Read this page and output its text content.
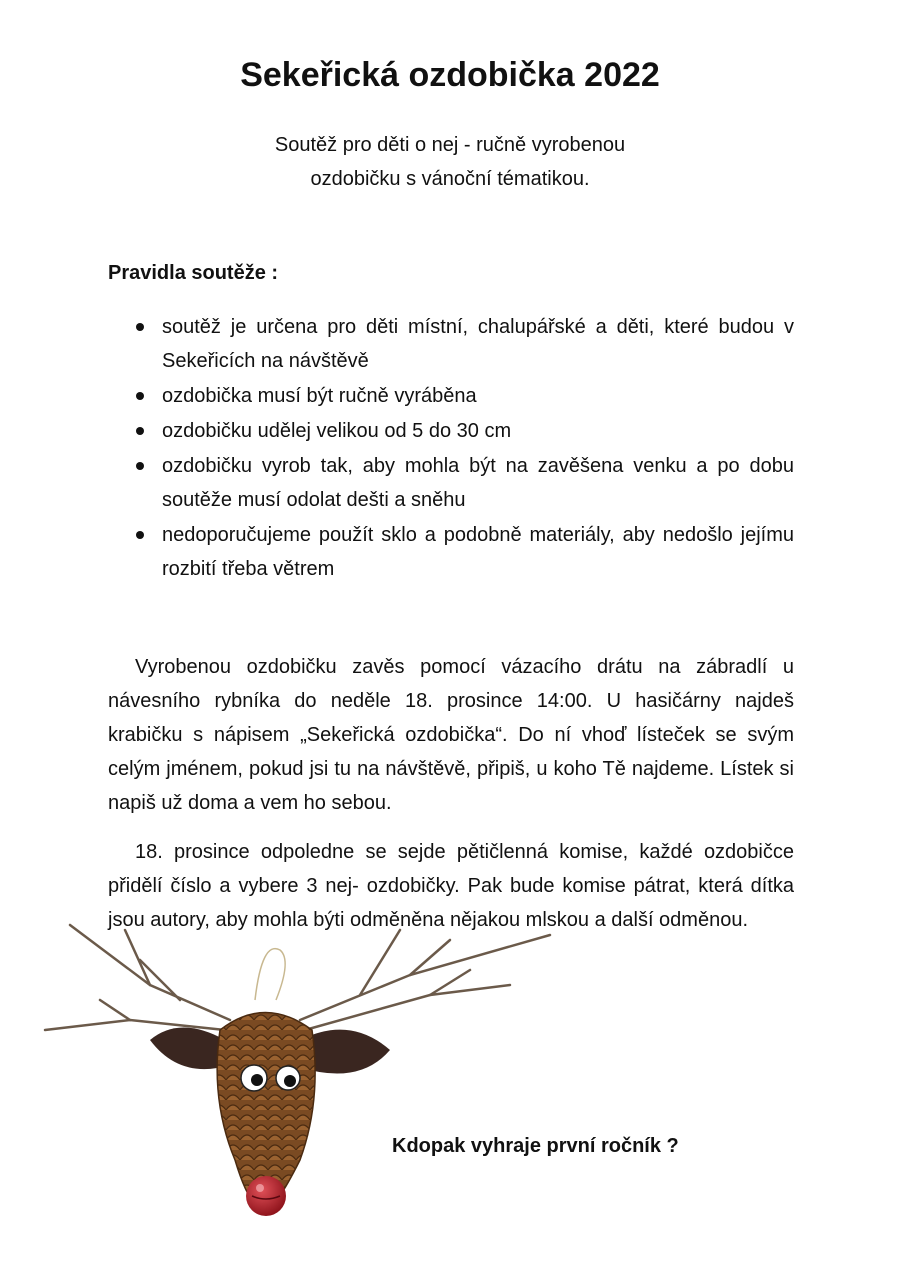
Sekeřická ozdobička 2022
Soutěž pro děti o nej - ručně vyrobenou
ozdobičku s vánoční tématikou.
Pravidla soutěže :
soutěž je určena pro děti místní, chalupářské a děti, které budou v Sekeřicích na návštěvě
ozdobička musí být ručně vyráběna
ozdobičku udělej velikou od 5 do 30 cm
ozdobičku vyrob tak, aby mohla být na zavěšena venku a po dobu soutěže musí odolat dešti a sněhu
nedoporučujeme použít sklo a podobně materiály, aby nedošlo jejímu rozbití třeba větrem

Vyrobenou ozdobičku zavěs pomocí vázacího drátu na zábradlí u návesního rybníka do neděle 18. prosince 14:00. U hasičárny najdeš krabičku s nápisem „Sekeřická ozdobička“. Do ní vhoď lísteček se svým celým jménem, pokud jsi tu na návštěvě, připiš, u koho Tě najdeme. Lístek si napiš už doma a vem ho sebou.

18. prosince odpoledne se sejde pětičlenná komise, každé ozdobičce přidělí číslo a vybere 3 nej- ozdobičky. Pak bude komise pátrat, která dítka jsou autory, aby mohla býti odměněna nějakou mlskou a další odměnou.

Kdopak vyhraje první ročník ?
